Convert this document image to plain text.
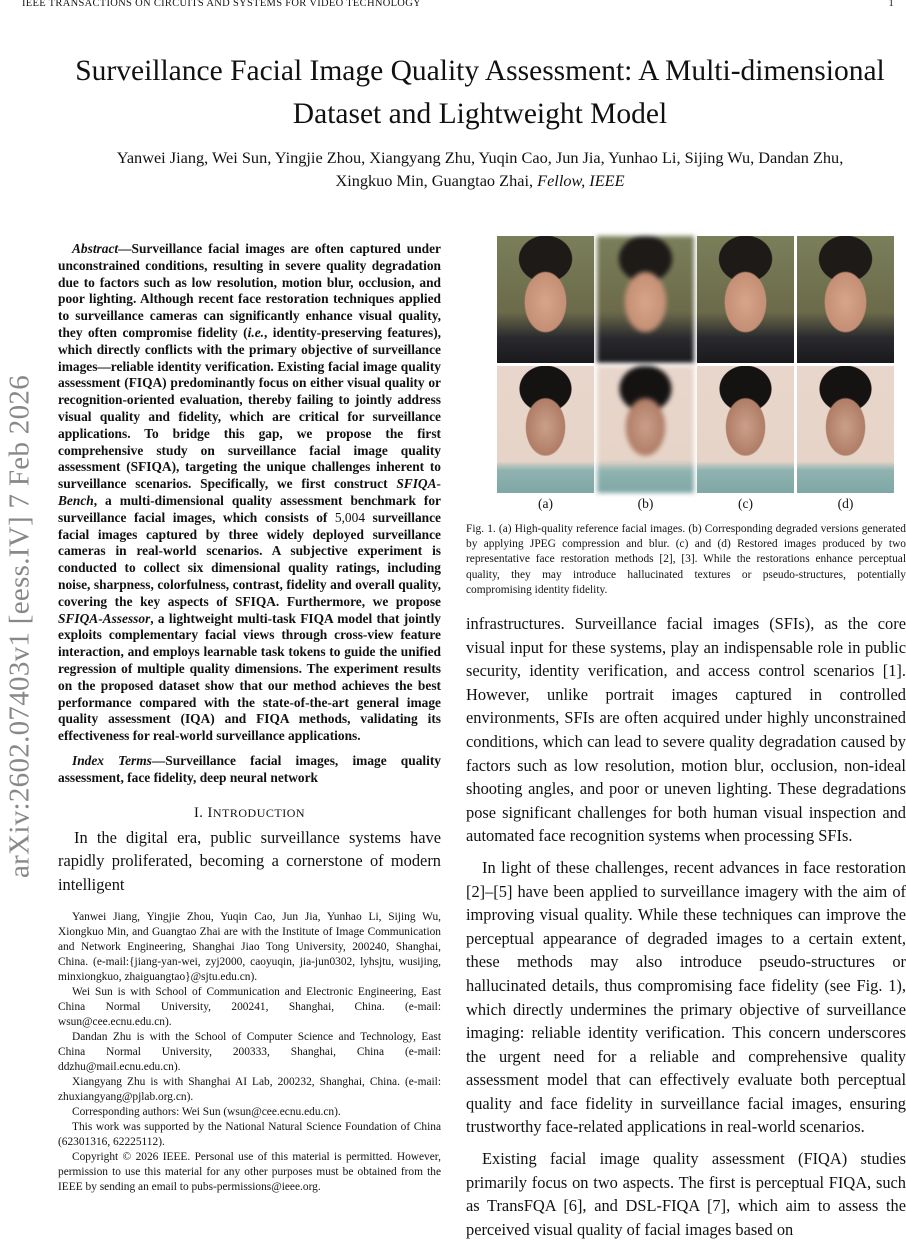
IEEE TRANSACTIONS ON CIRCUITS AND SYSTEMS FOR VIDEO TECHNOLOGY	1
arXiv:2602.07403v1 [eess.IV] 7 Feb 2026
Surveillance Facial Image Quality Assessment: A Multi-dimensional Dataset and Lightweight Model
Yanwei Jiang, Wei Sun, Yingjie Zhou, Xiangyang Zhu, Yuqin Cao, Jun Jia, Yunhao Li, Sijing Wu, Dandan Zhu, Xingkuo Min, Guangtao Zhai, Fellow, IEEE

Abstract—Surveillance facial images are often captured under unconstrained conditions, resulting in severe quality degradation due to factors such as low resolution, motion blur, occlusion, and poor lighting. Although recent face restoration techniques applied to surveillance cameras can significantly enhance visual quality, they often compromise fidelity (i.e., identity-preserving features), which directly conflicts with the primary objective of surveillance images—reliable identity verification. Existing facial image quality assessment (FIQA) predominantly focus on either visual quality or recognition-oriented evaluation, thereby failing to jointly address visual quality and fidelity, which are critical for surveillance applications. To bridge this gap, we propose the first comprehensive study on surveillance facial image quality assessment (SFIQA), targeting the unique challenges inherent to surveillance scenarios. Specifically, we first construct SFIQA-Bench, a multi-dimensional quality assessment benchmark for surveillance facial images, which consists of 5,004 surveillance facial images captured by three widely deployed surveillance cameras in real-world scenarios. A subjective experiment is conducted to collect six dimensional quality ratings, including noise, sharpness, colorfulness, contrast, fidelity and overall quality, covering the key aspects of SFIQA. Furthermore, we propose SFIQA-Assessor, a lightweight multi-task FIQA model that jointly exploits complementary facial views through cross-view feature interaction, and employs learnable task tokens to guide the unified regression of multiple quality dimensions. The experiment results on the proposed dataset show that our method achieves the best performance compared with the state-of-the-art general image quality assessment (IQA) and FIQA methods, validating its effectiveness for real-world surveillance applications.

Index Terms—Surveillance facial images, image quality assessment, face fidelity, deep neural network

I. INTRODUCTION

In the digital era, public surveillance systems have rapidly proliferated, becoming a cornerstone of modern intelligent

Yanwei Jiang, Yingjie Zhou, Yuqin Cao, Jun Jia, Yunhao Li, Sijing Wu, Xiongkuo Min, and Guangtao Zhai are with the Institute of Image Communication and Network Engineering, Shanghai Jiao Tong University, 200240, Shanghai, China. (e-mail:{jiang-yan-wei, zyj2000, caoyuqin, jia-jun0302, lyhsjtu, wusijing, minxiongkuo, zhaiguangtao}@sjtu.edu.cn).

Wei Sun is with School of Communication and Electronic Engineering, East China Normal University, 200241, Shanghai, China. (e-mail: wsun@cee.ecnu.edu.cn).

Dandan Zhu is with the School of Computer Science and Technology, East China Normal University, 200333, Shanghai, China (e-mail: ddzhu@mail.ecnu.edu.cn).

Xiangyang Zhu is with Shanghai AI Lab, 200232, Shanghai, China. (e-mail: zhuxiangyang@pjlab.org.cn).

Corresponding authors: Wei Sun (wsun@cee.ecnu.edu.cn).

This work was supported by the National Natural Science Foundation of China (62301316, 62225112).

Copyright © 2026 IEEE. Personal use of this material is permitted. However, permission to use this material for any other purposes must be obtained from the IEEE by sending an email to pubs-permissions@ieee.org.

(a)	(b)	(c)	(d)

Fig. 1. (a) High-quality reference facial images. (b) Corresponding degraded versions generated by applying JPEG compression and blur. (c) and (d) Restored images produced by two representative face restoration methods [2], [3]. While the restorations enhance perceptual quality, they may introduce hallucinated textures or pseudo-structures, potentially compromising identity fidelity.

infrastructures. Surveillance facial images (SFIs), as the core visual input for these systems, play an indispensable role in public security, identity verification, and access control scenarios [1]. However, unlike portrait images captured in controlled environments, SFIs are often acquired under highly unconstrained conditions, which can lead to severe quality degradation caused by factors such as low resolution, motion blur, occlusion, non-ideal shooting angles, and poor or uneven lighting. These degradations pose significant challenges for both human visual inspection and automated face recognition systems when processing SFIs.

In light of these challenges, recent advances in face restoration [2]–[5] have been applied to surveillance imagery with the aim of improving visual quality. While these techniques can improve the perceptual appearance of degraded images to a certain extent, these methods may also introduce pseudo-structures or hallucinated details, thus compromising face fidelity (see Fig. 1), which directly undermines the primary objective of surveillance imaging: reliable identity verification. This concern underscores the urgent need for a reliable and comprehensive quality assessment model that can effectively evaluate both perceptual quality and face fidelity in surveillance facial images, ensuring trustworthy face-related applications in real-world scenarios.

Existing facial image quality assessment (FIQA) studies primarily focus on two aspects. The first is perceptual FIQA, such as TransFQA [6], and DSL-FIQA [7], which aim to assess the perceived visual quality of facial images based on
